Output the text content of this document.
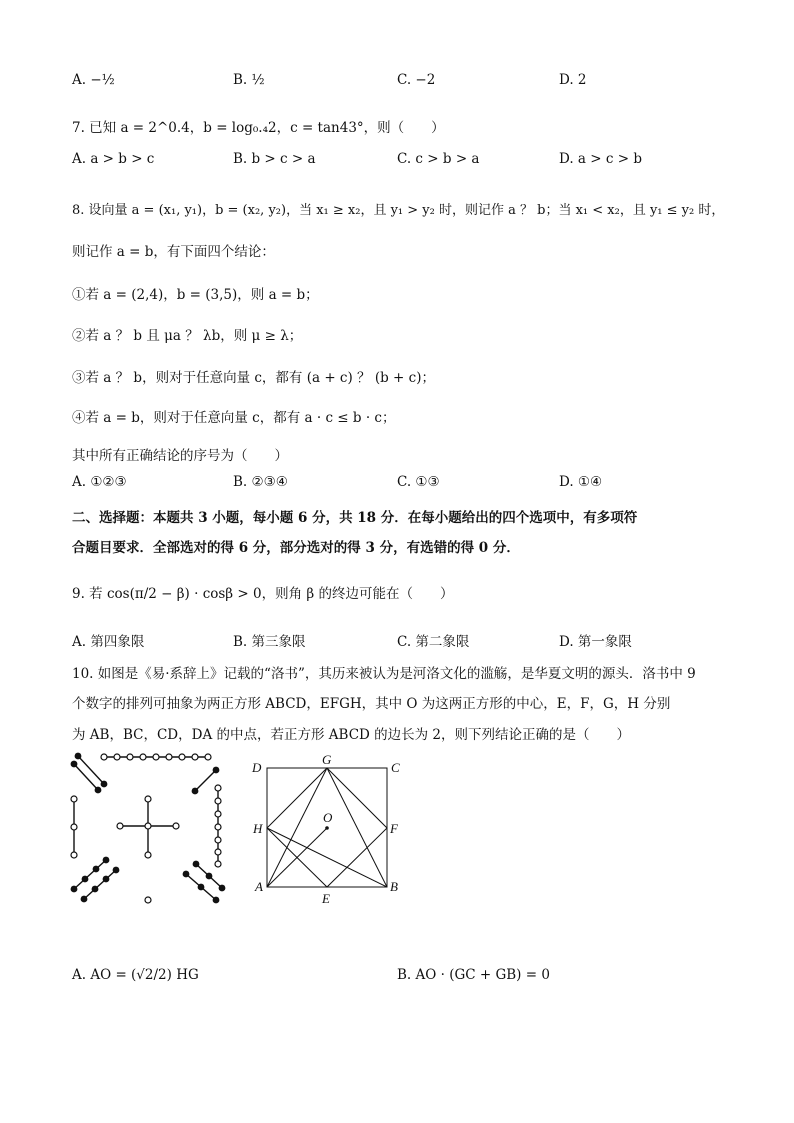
A. −½	B. ½	C. −2	D. 2
7. 已知 a = 2^0.4，b = log₀.₄2，c = tan43°，则（　　）
A. a > b > c	B. b > c > a	C. c > b > a	D. a > c > b
8. 设向量 a = (x₁, y₁)，b = (x₂, y₂)，当 x₁ ≥ x₂，且 y₁ > y₂ 时，则记作 a ？ b；当 x₁ < x₂，且 y₁ ≤ y₂ 时，
则记作 a = b，有下面四个结论：
①若 a = (2,4)，b = (3,5)，则 a = b；
②若 a ？ b 且 μa ？ λb，则 μ ≥ λ；
③若 a ？ b，则对于任意向量 c，都有 (a + c) ？ (b + c)；
④若 a = b，则对于任意向量 c，都有 a · c ≤ b · c；
其中所有正确结论的序号为（　　）
A. ①②③	B. ②③④	C. ①③	D. ①④
二、选择题：本题共 3 小题，每小题 6 分，共 18 分．在每小题给出的四个选项中，有多项符
合题目要求．全部选对的得 6 分，部分选对的得 3 分，有选错的得 0 分．
9. 若 cos(π/2 − β) · cosβ > 0，则角 β 的终边可能在（　　）
A. 第四象限	B. 第三象限	C. 第二象限	D. 第一象限
10. 如图是《易·系辞上》记载的“洛书”，其历来被认为是河洛文化的滥觞，是华夏文明的源头．洛书中 9
个数字的排列可抽象为两正方形 ABCD，EFGH，其中 O 为这两正方形的中心，E，F，G，H 分别
为 AB，BC，CD，DA 的中点，若正方形 ABCD 的边长为 2，则下列结论正确的是（　　）
D
G
C
H
O
F
A	B
E
A. AO = (√2/2) HG	B. AO · (GC + GB) = 0
